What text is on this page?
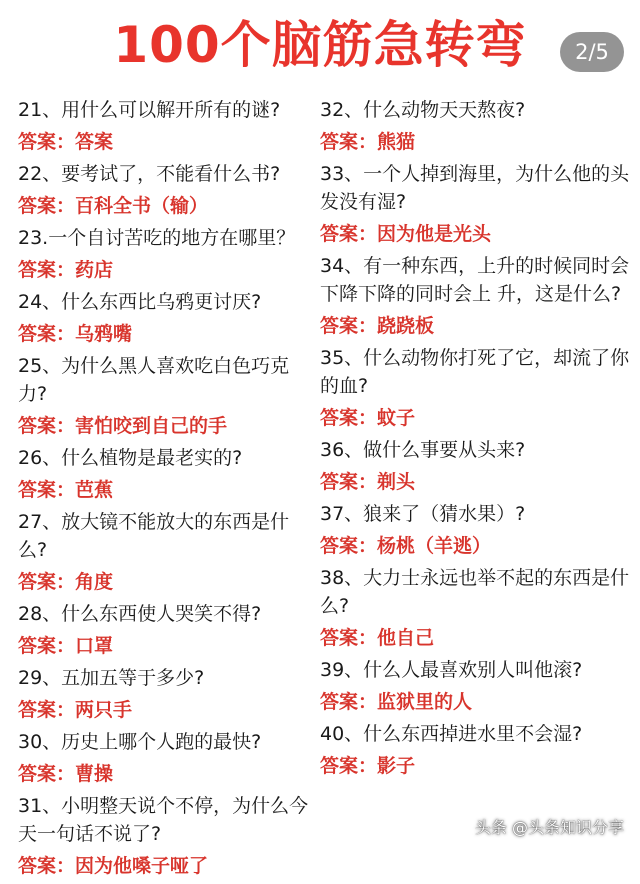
100个脑筋急转弯	2/5
21、用什么可以解开所有的谜?
答案：答案
22、要考试了，不能看什么书?
答案：百科全书（输）
23.一个自讨苦吃的地方在哪里？
答案：药店
24、什么东西比乌鸦更讨厌?
答案：乌鸦嘴
25、为什么黑人喜欢吃白色巧克力?
答案：害怕咬到自己的手
26、什么植物是最老实的?
答案：芭蕉
27、放大镜不能放大的东西是什么?
答案：角度
28、什么东西使人哭笑不得?
答案：口罩
29、五加五等于多少?
答案：两只手
30、历史上哪个人跑的最快?
答案：曹操
31、小明整天说个不停，为什么今天一句话不说了?
答案：因为他嗓子哑了
32、什么动物天天熬夜?
答案：熊猫
33、一个人掉到海里，为什么他的头发没有湿?
答案：因为他是光头
34、有一种东西，上升的时候同时会下降下降的同时会上 升，这是什么?
答案：跷跷板
35、什么动物你打死了它，却流了你的血?
答案：蚊子
36、做什么事要从头来?
答案：剃头
37、狼来了（猜水果）?
答案：杨桃（羊逃）
38、大力士永远也举不起的东西是什么?
答案：他自己
39、什么人最喜欢别人叫他滚?
答案：监狱里的人
40、什么东西掉进水里不会湿?
答案：影子
头条 @头条知识分享
